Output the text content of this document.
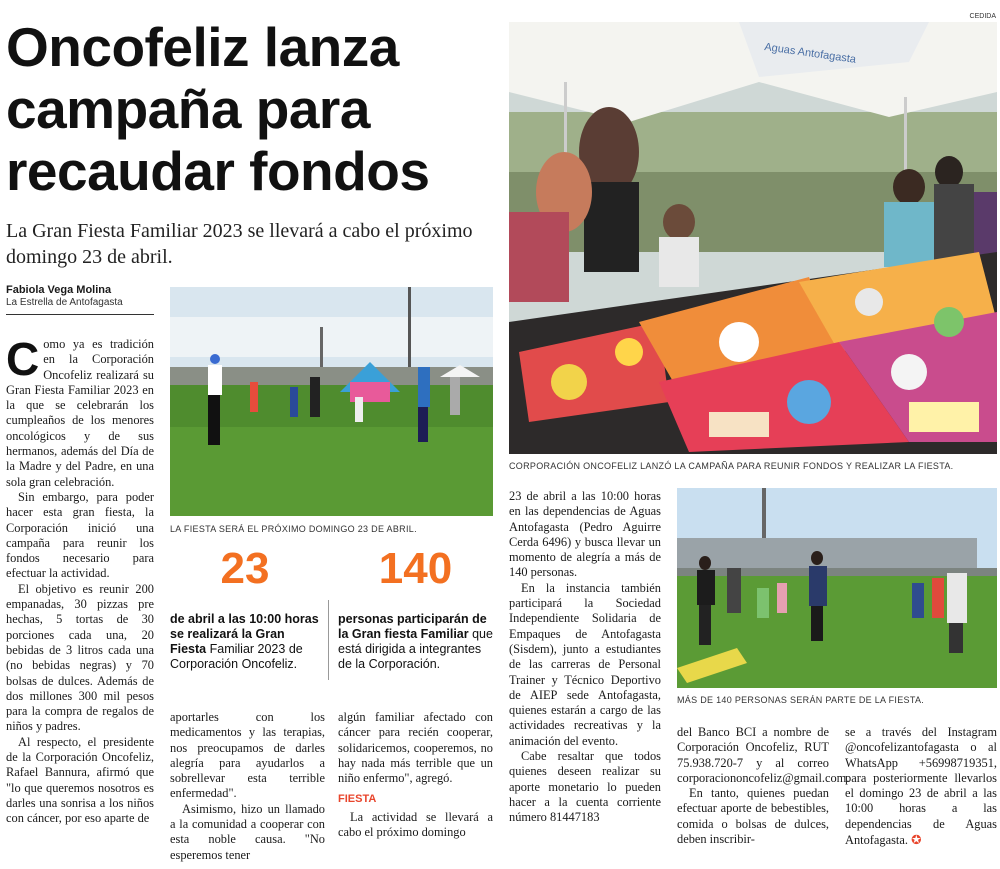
Oncofeliz lanza
campaña para
recaudar fondos
La Gran Fiesta Familiar 2023 se llevará a cabo el próximo domingo 23 de abril.
Fabiola Vega Molina
La Estrella de Antofagasta
CEDIDA
Aguas Antofagasta
CORPORACIÓN ONCOFELIZ LANZÓ LA CAMPAÑA PARA REUNIR FONDOS Y REALIZAR LA FIESTA.
LA FIESTA SERÁ EL PRÓXIMO DOMINGO 23 DE ABRIL.
23
de abril a las 10:00 horas se realizará la Gran Fiesta Familiar 2023 de Corporación Oncofeliz.
140
personas participarán de la Gran fiesta Familiar que está dirigida a integrantes de la Corporación.

Como ya es tradición en la Corporación Oncofeliz realizará su Gran Fiesta Familiar 2023 en la que se celebrarán los cumpleaños de los menores oncológicos y de sus hermanos, además del Día de la Madre y del Padre, en una sola gran celebración.

Sin embargo, para poder hacer esta gran fiesta, la Corporación inició una campaña para reunir los fondos necesario para efectuar la actividad.

El objetivo es reunir 200 empanadas, 30 pizzas pre hechas, 5 tortas de 30 porciones cada una, 20 bebidas de 3 litros cada una (no bebidas negras) y 70 bolsas de dulces. Además de dos millones 300 mil pesos para la compra de regalos de niños y padres.

Al respecto, el presidente de la Corporación Oncofeliz, Rafael Bannura, afirmó que "lo que queremos nosotros es darles una sonrisa a los niños con cáncer, por eso aparte de

aportarles con los medicamentos y las terapias, nos preocupamos de darles alegría para ayudarlos a sobrellevar esta terrible enfermedad".

Asimismo, hizo un llamado a la comunidad a cooperar con esta noble causa. "No esperemos tener

algún familiar afectado con cáncer para recién cooperar, solidaricemos, cooperemos, no hay nada más terrible que un niño enfermo", agregó.

FIESTA

La actividad se llevará a cabo el próximo domingo

23 de abril a las 10:00 horas en las dependencias de Aguas Antofagasta (Pedro Aguirre Cerda 6496) y busca llevar un momento de alegría a más de 140 personas.

En la instancia también participará la Sociedad Independiente Solidaria de Empaques de Antofagasta (Sisdem), junto a estudiantes de las carreras de Personal Trainer y Técnico Deportivo de AIEP sede Antofagasta, quienes estarán a cargo de las actividades recreativas y la animación del evento.

Cabe resaltar que todos quienes deseen realizar su aporte monetario lo pueden hacer a la cuenta corriente número 81447183

MÁS DE 140 PERSONAS SERÁN PARTE DE LA FIESTA.

del Banco BCI a nombre de Corporación Oncofeliz, RUT 75.938.720-7 y al correo corporaciononcofeliz@gmail.com.

En tanto, quienes puedan efectuar aporte de bebestibles, comida o bolsas de dulces, deben inscribir-

se a través del Instagram @oncofelizantofagasta o al WhatsApp +56998719351, para posteriormente llevarlos el domingo 23 de abril a las 10:00 horas a las dependencias de Aguas Antofagasta. ✪
